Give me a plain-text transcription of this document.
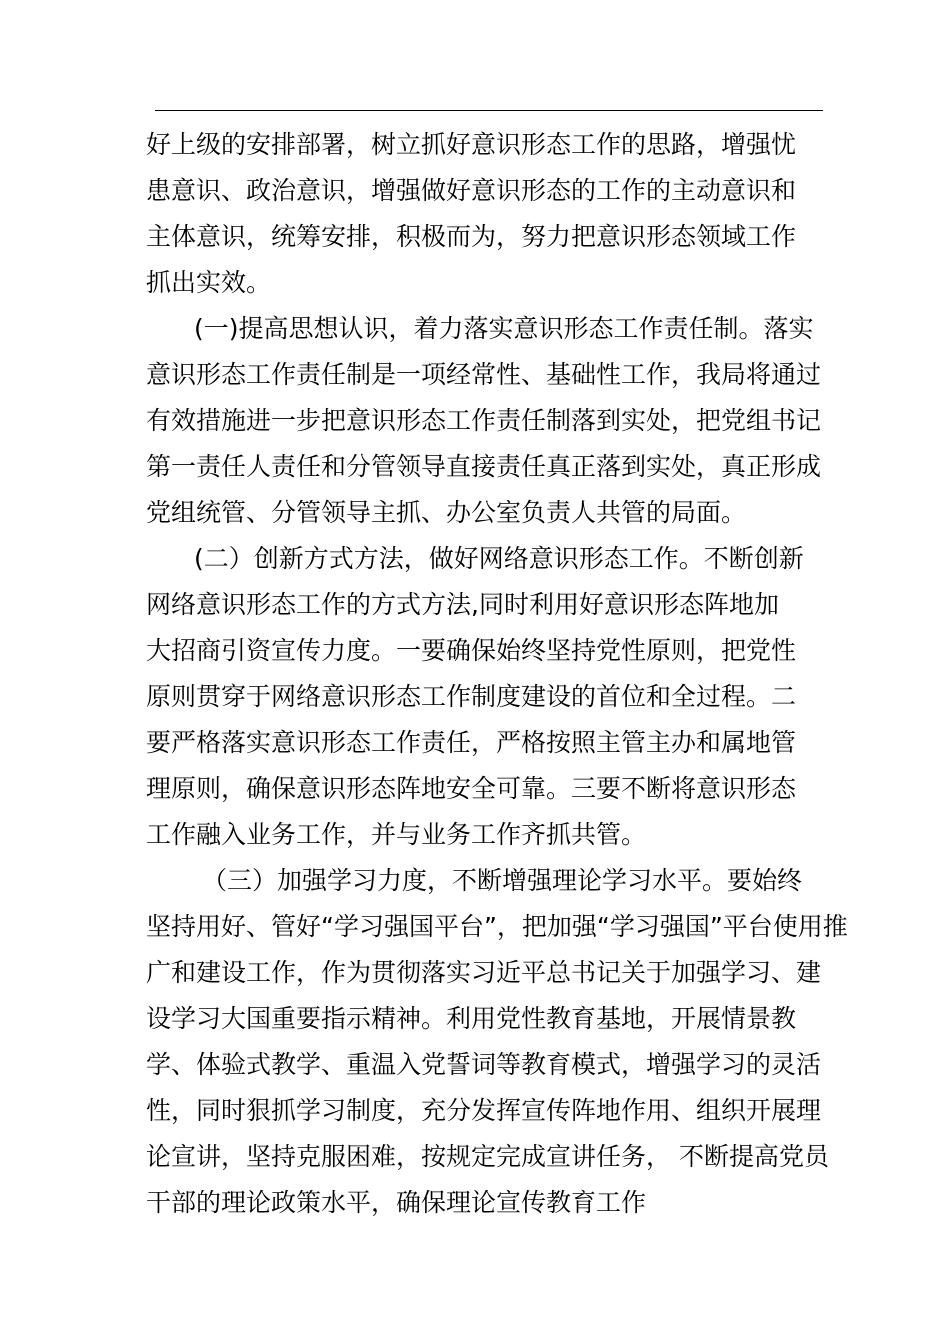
好上级的安排部署，树立抓好意识形态工作的思路，增强忧
患意识、政治意识，增强做好意识形态的工作的主动意识和
主体意识，统筹安排，积极而为，努力把意识形态领域工作
抓出实效。
(一)提高思想认识，着力落实意识形态工作责任制。落实
意识形态工作责任制是一项经常性、基础性工作，我局将通过
有效措施进一步把意识形态工作责任制落到实处，把党组书记
第一责任人责任和分管领导直接责任真正落到实处，真正形成
党组统管、分管领导主抓、办公室负责人共管的局面。
(二）创新方式方法，做好网络意识形态工作。不断创新
网络意识形态工作的方式方法,同时利用好意识形态阵地加
大招商引资宣传力度。一要确保始终坚持党性原则，把党性
原则贯穿于网络意识形态工作制度建设的首位和全过程。二
要严格落实意识形态工作责任，严格按照主管主办和属地管
理原则，确保意识形态阵地安全可靠。三要不断将意识形态
工作融入业务工作，并与业务工作齐抓共管。
（三）加强学习力度，不断增强理论学习水平。要始终
坚持用好、管好“学习强国平台”，把加强“学习强国”平台使用推
广和建设工作，作为贯彻落实习近平总书记关于加强学习、建
设学习大国重要指示精神。利用党性教育基地，开展情景教
学、体验式教学、重温入党誓词等教育模式，增强学习的灵活
性，同时狠抓学习制度，充分发挥宣传阵地作用、组织开展理
论宣讲，坚持克服困难，按规定完成宣讲任务， 不断提高党员
干部的理论政策水平，确保理论宣传教育工作
